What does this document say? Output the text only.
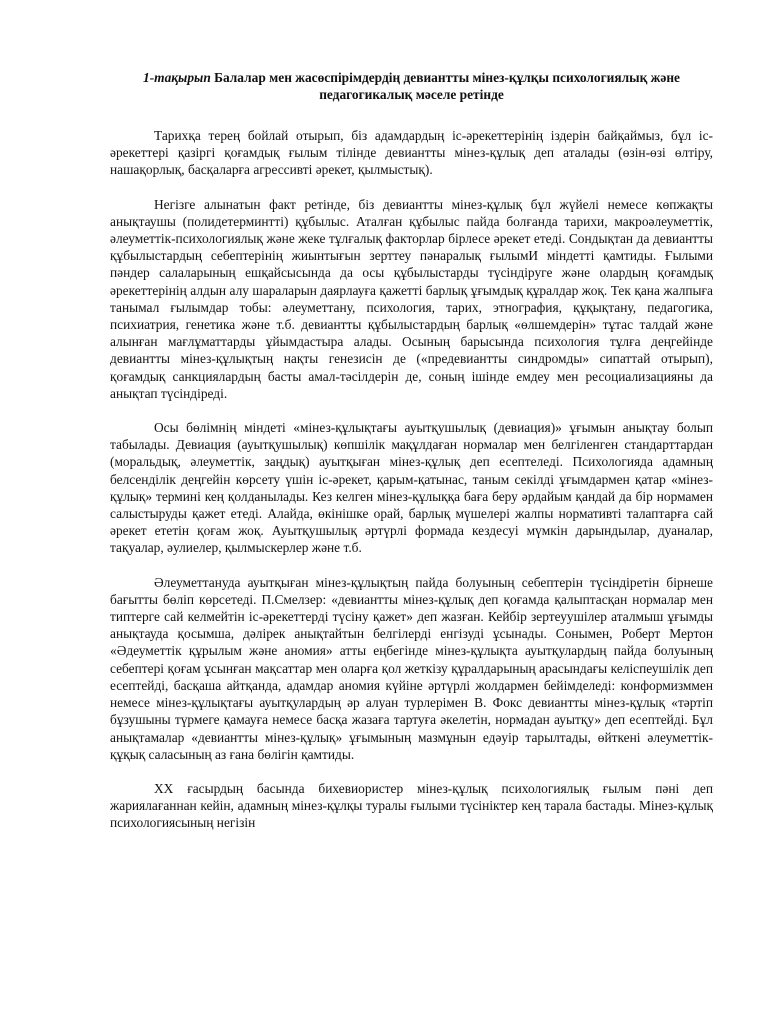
1-тақырып Балалар мен жасөспірімдердің девиантты мінез-құлқы психологиялық және педагогикалық мәселе ретінде

Тарихқа терең бойлай отырып, біз адамдардың іс-әрекеттерінің іздерін байқаймыз, бұл іс-әрекеттері қазіргі қоғамдық ғылым тілінде девиантты мінез-құлық деп аталады (өзін-өзі өлтіру, нашақорлық, басқаларға агрессивті әрекет, қылмыстық).

Негізге алынатын факт ретінде, біз девиантты мінез-құлық бұл жүйелі немесе көпжақты анықтаушы (полидетерминтті) құбылыс. Аталған құбылыс пайда болғанда тарихи, макроәлеуметтік, әлеуметтік-психологиялық және жеке тұлғалық факторлар бірлесе әрекет етеді. Сондықтан да девиантты құбылыстардың себептерінің жиынтығын зерттеу пәнаралық ғылымИ міндетті қамтиды. Ғылыми пәндер салаларының ешқайсысында да осы құбылыстарды түсіндіруге және олардың қоғамдық әрекеттерінің алдын алу шараларын даярлауға қажетті барлық ұғымдық құралдар жоқ. Тек қана жалпыға танымал ғылымдар тобы: әлеуметтану, психология, тарих, этнография, құқықтану, педагогика, психиатрия, генетика және т.б. девиантты құбылыстардың барлық «өлшемдерін» тұтас талдай және алынған мағлұматтарды ұйымдастыра алады. Осының барысында психология тұлға деңгейінде девиантты мінез-құлықтың нақты генезисін де («предевиантты синдромды» сипаттай отырып), қоғамдық санкциялардың басты амал-тәсілдерін де, соның ішінде емдеу мен ресоциализацияны да анықтап түсіндіреді.

Осы бөлімнің міндеті «мінез-құлықтағы ауытқушылық (девиация)» ұғымын анықтау болып табылады. Девиация (ауытқушылық) көпшілік мақұлдаған нормалар мен белгіленген стандарттардан (моральдық, әлеуметтік, заңдық) ауытқыған мінез-құлық деп есептеледі. Психологияда адамның белсенділік деңгейін көрсету үшін іс-әрекет, қарым-қатынас, таным секілді ұғымдармен қатар «мінез-құлық» термині кең қолданылады. Кез келген мінез-құлыққа баға беру әрдайым қандай да бір нормамен салыстыруды қажет етеді. Алайда, өкінішке орай, барлық мүшелері жалпы нормативті талаптарға сай әрекет ететін қоғам жоқ. Ауытқушылық әртүрлі формада кездесуі мүмкін дарындылар, дуаналар, тақуалар, әулиелер, қылмыскерлер және т.б.

Әлеуметтануда ауытқыған мінез-құлықтың пайда болуының себептерін түсіндіретін бірнеше бағытты бөліп көрсетеді. П.Смелзер: «девиантты мінез-құлық деп қоғамда қалыптасқан нормалар мен типтерге сай келмейтін іс-әрекеттерді түсіну қажет» деп жазған. Кейбір зертеуушілер аталмыш ұғымды анықтауда қосымша, дәлірек анықтайтын белгілерді енгізуді ұсынады. Сонымен, Роберт Мертон «Әдеуметтік құрылым және аномия» атты еңбегінде мінез-құлықта ауытқулардың пайда болуының себептері қоғам ұсынған мақсаттар мен оларға қол жеткізу құралдарының арасындағы келіспеушілік деп есептейді, басқаша айтқанда, адамдар аномия күйіне әртүрлі жолдармен бейімделеді: конформизммен немесе мінез-құлықтағы ауытқулардың әр алуан турлерімен В. Фокс девиантты мінез-құлық «тәртіп бұзушыны түрмеге қамауға немесе басқа жазаға тартуға әкелетін, нормадан ауытқу» деп есептейді. Бұл анықтамалар «девиантты мінез-құлық» ұғымының мазмұнын едәуір тарылтады, өйткені әлеуметтік-құқық саласының аз ғана бөлігін қамтиды.

XX ғасырдың басында бихевиористер мінез-құлық психологиялық ғылым пәні деп жариялағаннан кейін, адамның мінез-құлқы туралы ғылыми түсініктер кең тарала бастады. Мінез-құлық психологиясының негізін
